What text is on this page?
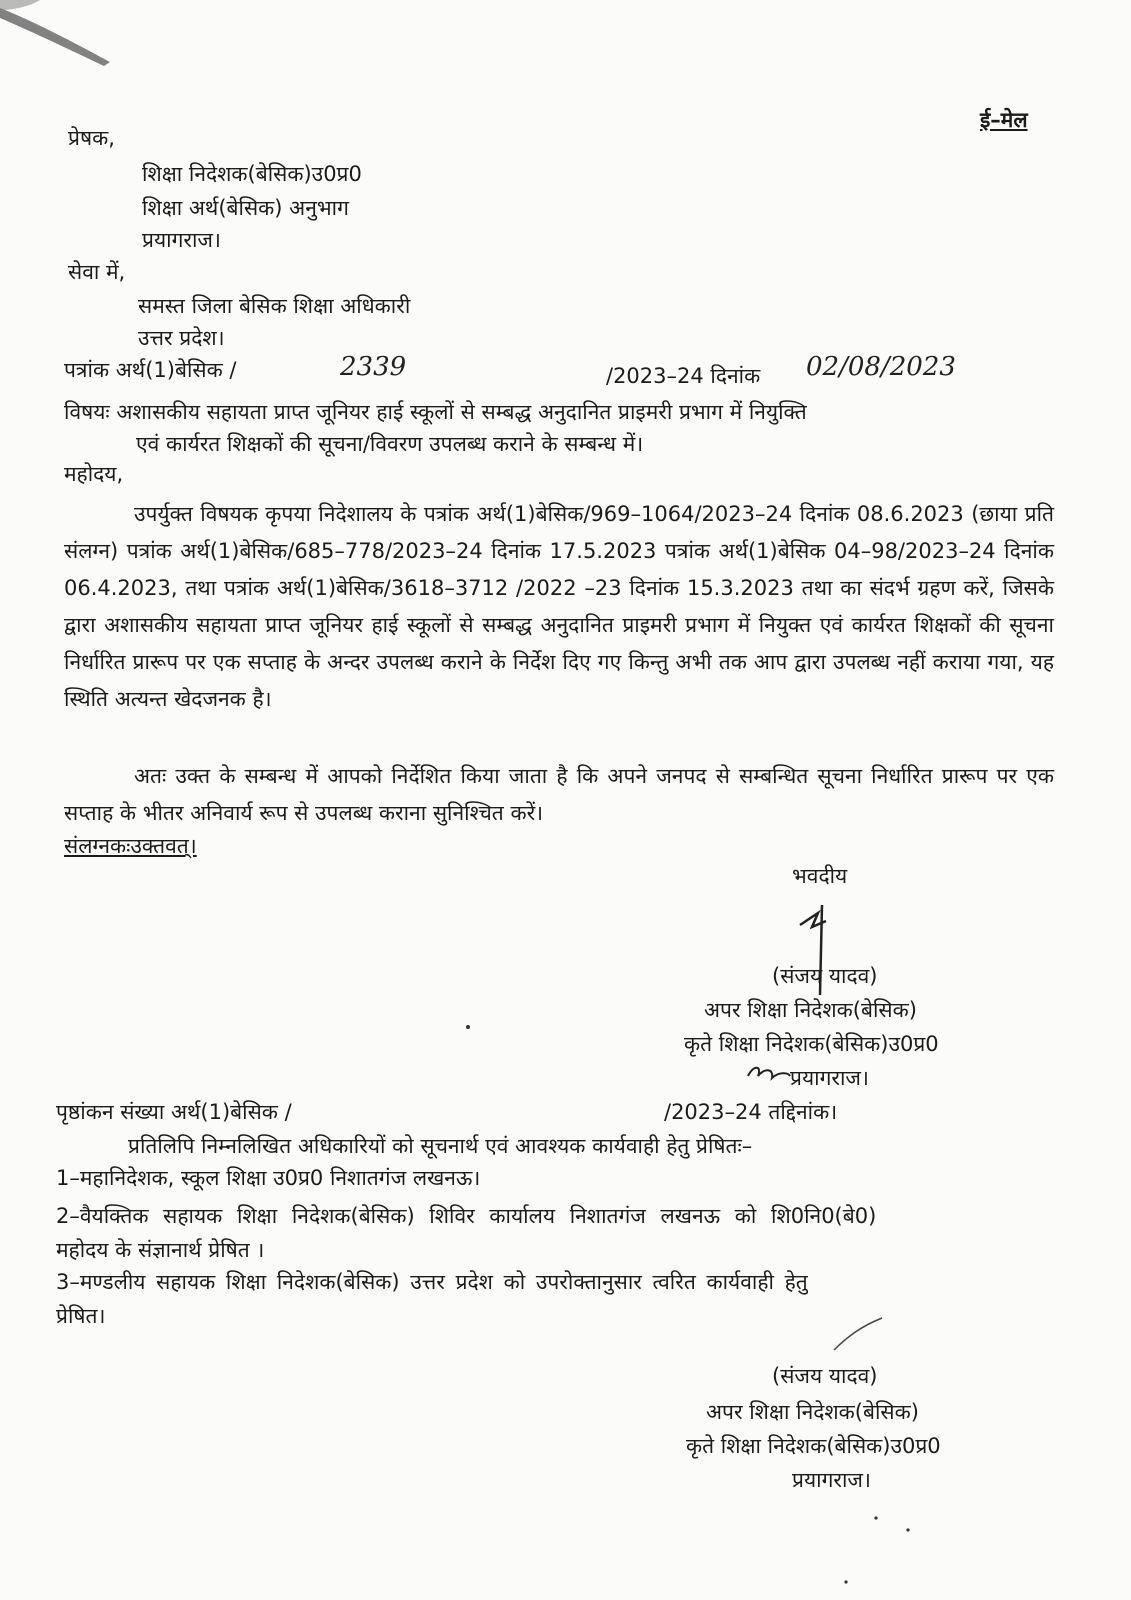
ई–मेल
प्रेषक,
शिक्षा निदेशक(बेसिक)उ0प्र0
शिक्षा अर्थ(बेसिक) अनुभाग
प्रयागराज।
सेवा में,
समस्त जिला बेसिक शिक्षा अधिकारी
उत्तर प्रदेश।
पत्रांक अर्थ(1)बेसिक /	2339	/2023–24 दिनांक 02/08/2023
विषयः अशासकीय सहायता प्राप्त जूनियर हाई स्कूलों से सम्बद्ध अनुदानित प्राइमरी प्रभाग में नियुक्ति
एवं कार्यरत शिक्षकों की सूचना/विवरण उपलब्ध कराने के सम्बन्ध में।
महोदय,
उपर्युक्त विषयक कृपया निदेशालय के पत्रांक अर्थ(1)बेसिक/969–1064/2023–24 दिनांक 08.6.2023 (छाया प्रति संलग्न) पत्रांक अर्थ(1)बेसिक/685–778/2023–24 दिनांक 17.5.2023 पत्रांक अर्थ(1)बेसिक 04–98/2023–24 दिनांक 06.4.2023, तथा पत्रांक अर्थ(1)बेसिक/3618–3712 /2022 –23 दिनांक 15.3.2023 तथा का संदर्भ ग्रहण करें, जिसके द्वारा अशासकीय सहायता प्राप्त जूनियर हाई स्कूलों से सम्बद्ध अनुदानित प्राइमरी प्रभाग में नियुक्त एवं कार्यरत शिक्षकों की सूचना निर्धारित प्रारूप पर एक सप्ताह के अन्दर उपलब्ध कराने के निर्देश दिए गए किन्तु अभी तक आप द्वारा उपलब्ध नहीं कराया गया, यह स्थिति अत्यन्त खेदजनक है।
अतः उक्त के सम्बन्ध में आपको निर्देशित किया जाता है कि अपने जनपद से सम्बन्धित सूचना निर्धारित प्रारूप पर एक सप्ताह के भीतर अनिवार्य रूप से उपलब्ध कराना सुनिश्चित करें।
संलग्नकःउक्तवत्।
भवदीय
(संजय यादव)
अपर शिक्षा निदेशक(बेसिक)
कृते शिक्षा निदेशक(बेसिक)उ0प्र0
प्रयागराज।
पृष्ठांकन संख्या अर्थ(1)बेसिक /	/2023–24 तद्दिनांक।
प्रतिलिपि निम्नलिखित अधिकारियों को सूचनार्थ एवं आवश्यक कार्यवाही हेतु प्रेषितः–
1–महानिदेशक, स्कूल शिक्षा उ0प्र0 निशातगंज लखनऊ।
2–वैयक्तिक सहायक शिक्षा निदेशक(बेसिक) शिविर कार्यालय निशातगंज लखनऊ को शि0नि0(बे0)
महोदय के संज्ञानार्थ प्रेषित ।
3–मण्डलीय सहायक शिक्षा निदेशक(बेसिक) उत्तर प्रदेश को उपरोक्तानुसार त्वरित कार्यवाही हेतु
प्रेषित।
(संजय यादव)
अपर शिक्षा निदेशक(बेसिक)
कृते शिक्षा निदेशक(बेसिक)उ0प्र0
प्रयागराज।
